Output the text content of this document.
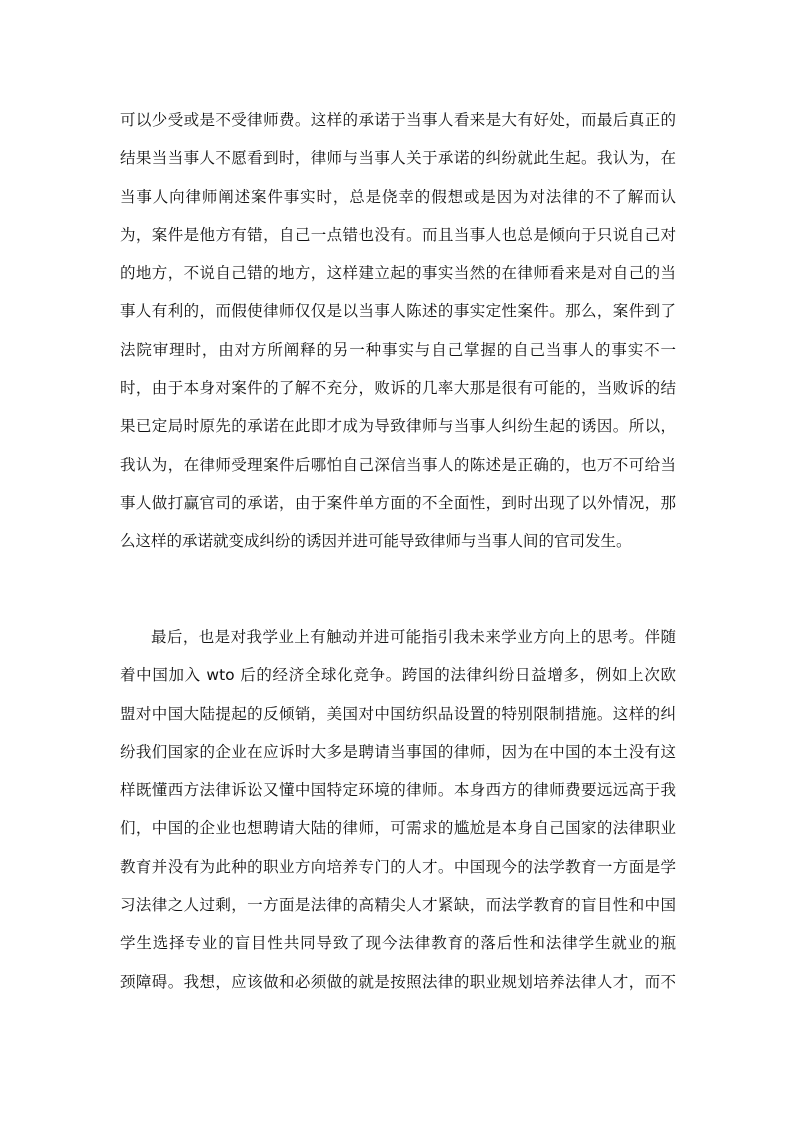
可以少受或是不受律师费。这样的承诺于当事人看来是大有好处，而最后真正的
结果当当事人不愿看到时，律师与当事人关于承诺的纠纷就此生起。我认为，在
当事人向律师阐述案件事实时，总是侥幸的假想或是因为对法律的不了解而认
为，案件是他方有错，自己一点错也没有。而且当事人也总是倾向于只说自己对
的地方，不说自己错的地方，这样建立起的事实当然的在律师看来是对自己的当
事人有利的，而假使律师仅仅是以当事人陈述的事实定性案件。那么，案件到了
法院审理时，由对方所阐释的另一种事实与自己掌握的自己当事人的事实不一
时，由于本身对案件的了解不充分，败诉的几率大那是很有可能的，当败诉的结
果已定局时原先的承诺在此即才成为导致律师与当事人纠纷生起的诱因。所以，
我认为，在律师受理案件后哪怕自己深信当事人的陈述是正确的，也万不可给当
事人做打赢官司的承诺，由于案件单方面的不全面性，到时出现了以外情况，那
么这样的承诺就变成纠纷的诱因并进可能导致律师与当事人间的官司发生。
最后，也是对我学业上有触动并进可能指引我未来学业方向上的思考。伴随
着中国加入 wto 后的经济全球化竞争。跨国的法律纠纷日益增多，例如上次欧
盟对中国大陆提起的反倾销，美国对中国纺织品设置的特别限制措施。这样的纠
纷我们国家的企业在应诉时大多是聘请当事国的律师，因为在中国的本土没有这
样既懂西方法律诉讼又懂中国特定环境的律师。本身西方的律师费要远远高于我
们，中国的企业也想聘请大陆的律师，可需求的尴尬是本身自己国家的法律职业
教育并没有为此种的职业方向培养专门的人才。中国现今的法学教育一方面是学
习法律之人过剩，一方面是法律的高精尖人才紧缺，而法学教育的盲目性和中国
学生选择专业的盲目性共同导致了现今法律教育的落后性和法律学生就业的瓶
颈障碍。我想，应该做和必须做的就是按照法律的职业规划培养法律人才，而不
